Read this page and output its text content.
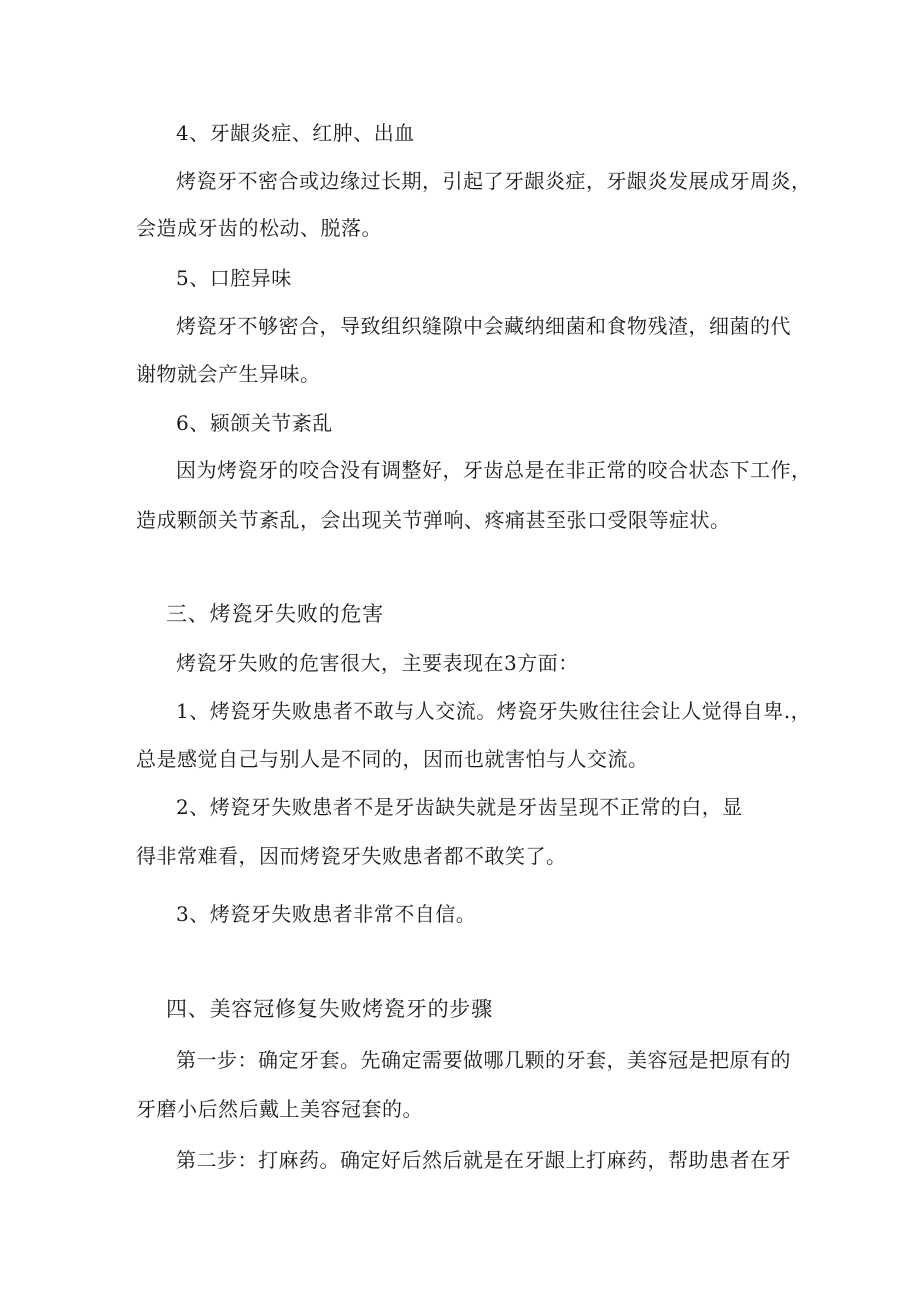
4、牙龈炎症、红肿、出血
烤瓷牙不密合或边缘过长期，引起了牙龈炎症，牙龈炎发展成牙周炎，
会造成牙齿的松动、脱落。
5、口腔异味
烤瓷牙不够密合，导致组织缝隙中会藏纳细菌和食物残渣，细菌的代
谢物就会产生异味。
6、颍颌关节紊乱
因为烤瓷牙的咬合没有调整好，牙齿总是在非正常的咬合状态下工作，
造成颗颌关节紊乱，会出现关节弹响、疼痛甚至张口受限等症状。
三、烤瓷牙失败的危害
烤瓷牙失败的危害很大，主要表现在3方面：
1、烤瓷牙失败患者不敢与人交流。烤瓷牙失败往往会让人觉得自卑.，
总是感觉自己与别人是不同的，因而也就害怕与人交流。
2、烤瓷牙失败患者不是牙齿缺失就是牙齿呈现不正常的白，显
得非常难看，因而烤瓷牙失败患者都不敢笑了。
3、烤瓷牙失败患者非常不自信。
四、美容冠修复失败烤瓷牙的步骤
第一步：确定牙套。先确定需要做哪几颗的牙套，美容冠是把原有的
牙磨小后然后戴上美容冠套的。
第二步：打麻药。确定好后然后就是在牙龈上打麻药，帮助患者在牙
